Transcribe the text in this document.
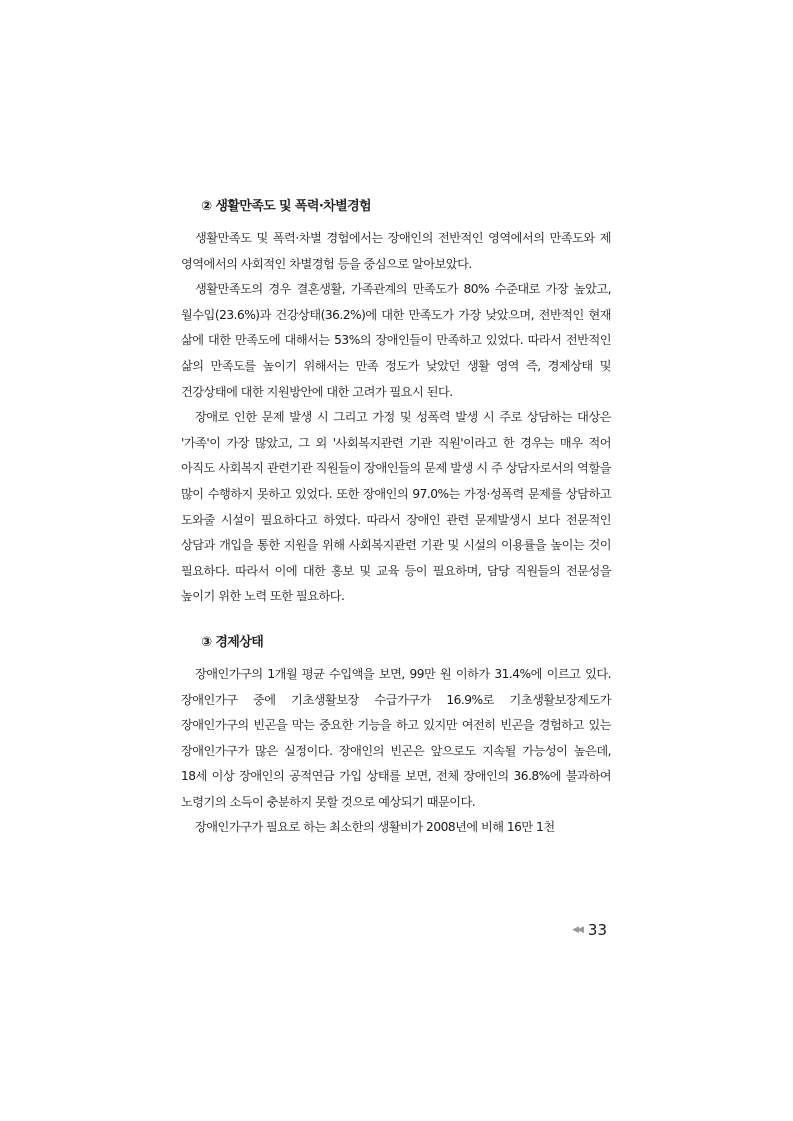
② 생활만족도 및 폭력·차별경험

생활만족도 및 폭력·차별 경험에서는 장애인의 전반적인 영역에서의 만족도와 제 영역에서의 사회적인 차별경험 등을 중심으로 알아보았다.

생활만족도의 경우 결혼생활, 가족관계의 만족도가 80% 수준대로 가장 높았고, 월수입(23.6%)과 건강상태(36.2%)에 대한 만족도가 가장 낮았으며, 전반적인 현재 삶에 대한 만족도에 대해서는 53%의 장애인들이 만족하고 있었다. 따라서 전반적인 삶의 만족도를 높이기 위해서는 만족 정도가 낮았던 생활 영역 즉, 경제상태 및 건강상태에 대한 지원방안에 대한 고려가 필요시 된다.

장애로 인한 문제 발생 시 그리고 가정 및 성폭력 발생 시 주로 상담하는 대상은 '가족'이 가장 많았고, 그 외 '사회복지관련 기관 직원'이라고 한 경우는 매우 적어 아직도 사회복지 관련기관 직원들이 장애인들의 문제 발생 시 주 상담자로서의 역할을 많이 수행하지 못하고 있었다. 또한 장애인의 97.0%는 가정·성폭력 문제를 상담하고 도와줄 시설이 필요하다고 하였다. 따라서 장애인 관련 문제발생시 보다 전문적인 상담과 개입을 통한 지원을 위해 사회복지관련 기관 및 시설의 이용률을 높이는 것이 필요하다. 따라서 이에 대한 홍보 및 교육 등이 필요하며, 담당 직원들의 전문성을 높이기 위한 노력 또한 필요하다.

③ 경제상태

장애인가구의 1개월 평균 수입액을 보면, 99만 원 이하가 31.4%에 이르고 있다. 장애인가구 중에 기초생활보장 수급가구가 16.9%로 기초생활보장제도가 장애인가구의 빈곤을 막는 중요한 기능을 하고 있지만 여전히 빈곤을 경험하고 있는 장애인가구가 많은 실정이다. 장애인의 빈곤은 앞으로도 지속될 가능성이 높은데, 18세 이상 장애인의 공적연금 가입 상태를 보면, 전체 장애인의 36.8%에 불과하여 노령기의 소득이 충분하지 못할 것으로 예상되기 때문이다.

장애인가구가 필요로 하는 최소한의 생활비가 2008년에 비해 16만 1천

◀◀ 33
